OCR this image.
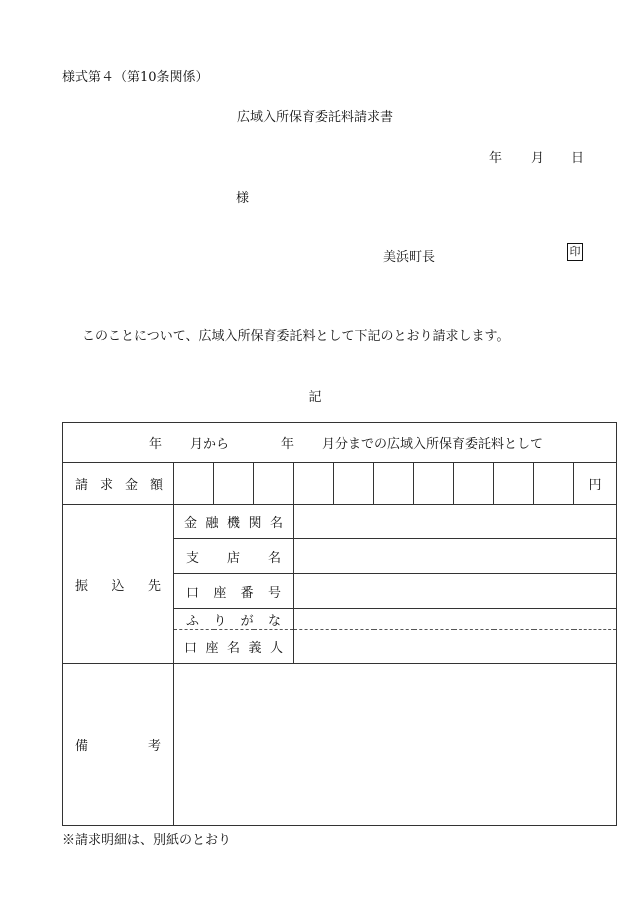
様式第４（第10条関係）
広域入所保育委託料請求書
年 月 日
様
美浜町長	印
このことについて、広域入所保育委託料として下記のとおり請求します。
記
年 月から 年 月分までの広域入所保育委託料として											

請 求 金 額											円

振 込 先	金 融 機 関 名										

	支 店 名										

	口 座 番 号										

	ふ り が な										

	口 座 名 義 人										

備 考											

※請求明細は、別紙のとおり
